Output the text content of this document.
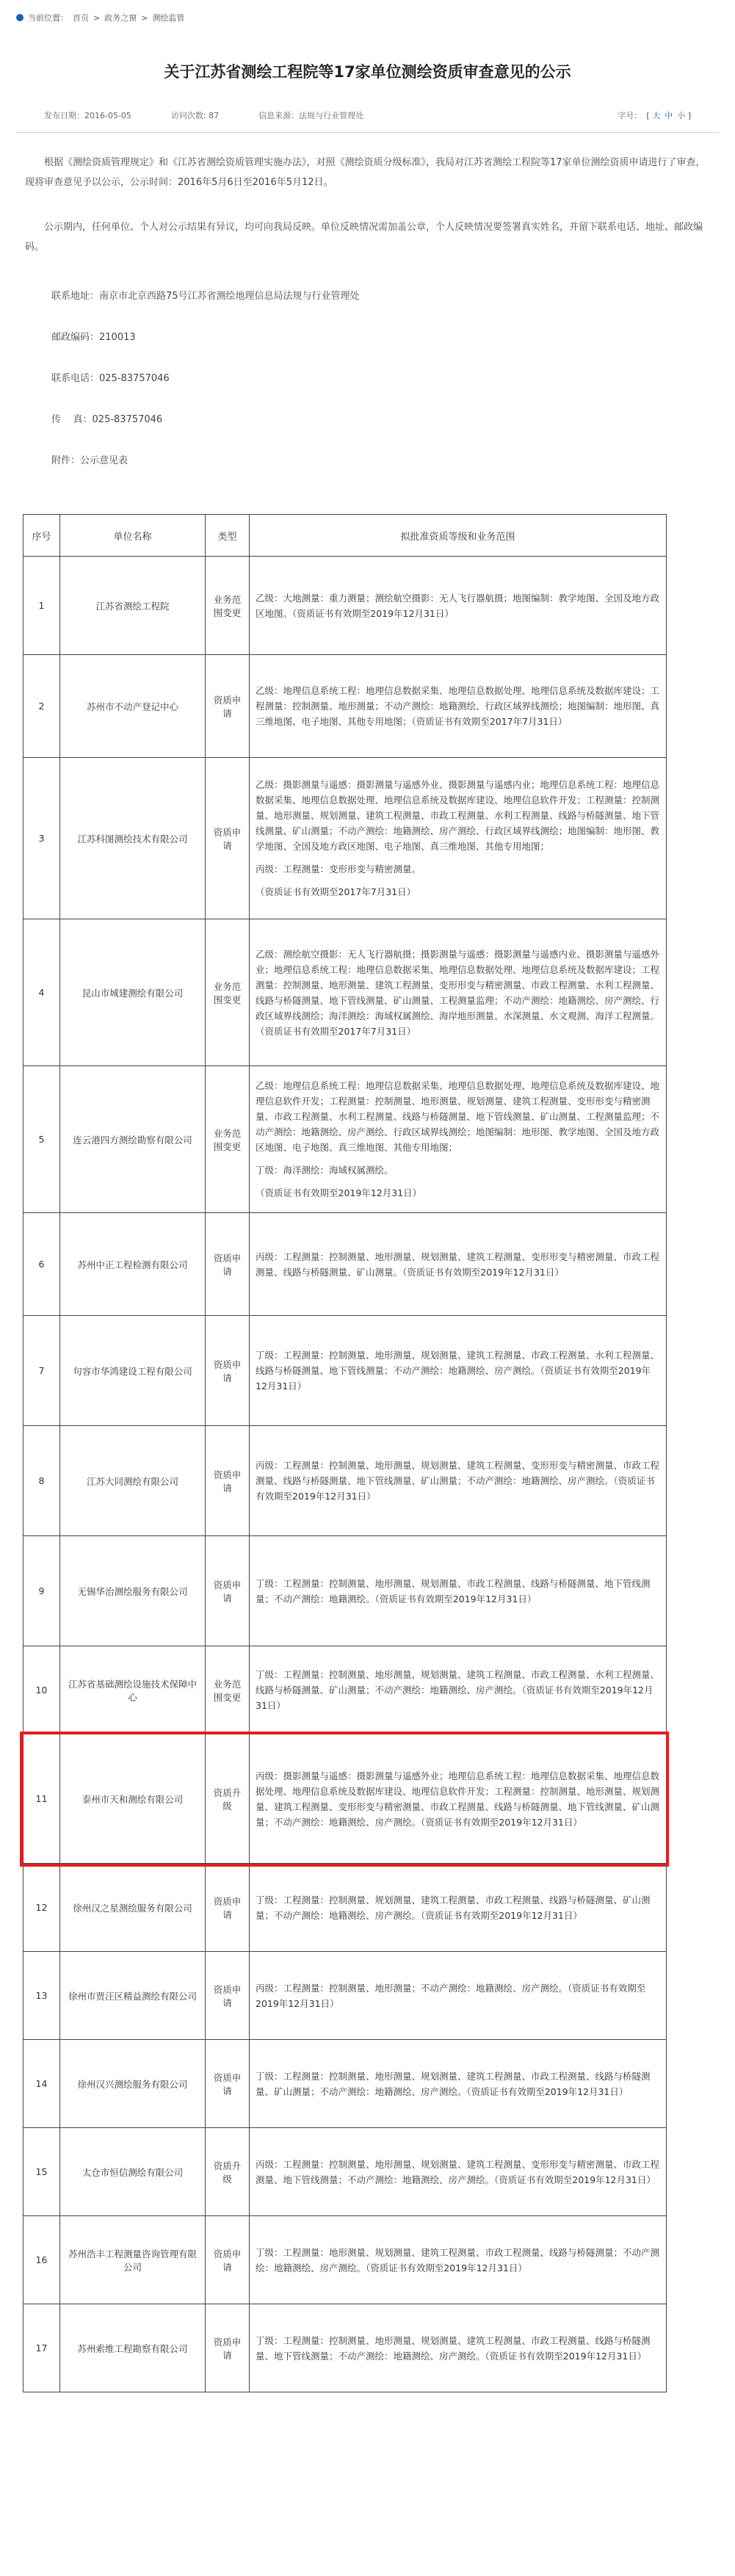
当前位置： 首页 > 政务之窗 > 测绘监管
关于江苏省测绘工程院等17家单位测绘资质审查意见的公示
发布日期：2016-05-05	访问次数: 87	信息来源：法规与行业管理处	字号： [ 大 中 小 ]
根据《测绘资质管理规定》和《江苏省测绘资质管理实施办法》，对照《测绘资质分级标准》，我局对江苏省测绘工程院等17家单位测绘资质申请进行了审查，现将审查意见予以公示，公示时间：2016年5月6日至2016年5月12日。
公示期内，任何单位、个人对公示结果有异议，均可向我局反映。单位反映情况需加盖公章，个人反映情况要签署真实姓名，并留下联系电话、地址、邮政编码。
联系地址：南京市北京西路75号江苏省测绘地理信息局法规与行业管理处
邮政编码：210013
联系电话：025-83757046
传    真：025-83757046
附件：公示意见表
序号	单位名称	类型	拟批准资质等级和业务范围
1	江苏省测绘工程院	业务范围变更	乙级：大地测量：重力测量；测绘航空摄影：无人飞行器航摄；地图编制：教学地图、全国及地方政区地图。（资质证书有效期至2019年12月31日）

2	苏州市不动产登记中心	资质申请	乙级：地理信息系统工程：地理信息数据采集、地理信息数据处理、地理信息系统及数据库建设；工程测量：控制测量、地形测量；不动产测绘：地籍测绘、行政区域界线测绘；地图编制：地形图、真三维地图、电子地图、其他专用地图；（资质证书有效期至2017年7月31日）

3	江苏科图测绘技术有限公司	资质申请	乙级：摄影测量与遥感：摄影测量与遥感外业、摄影测量与遥感内业；地理信息系统工程：地理信息数据采集、地理信息数据处理、地理信息系统及数据库建设、地理信息软件开发；工程测量：控制测量、地形测量、规划测量、建筑工程测量、市政工程测量、水利工程测量、线路与桥隧测量、地下管线测量、矿山测量；不动产测绘：地籍测绘、房产测绘、行政区域界线测绘；地图编制：地形图、教学地图、全国及地方政区地图、电子地图、真三维地图、其他专用地图；

丙级：工程测量：变形形变与精密测量。

（资质证书有效期至2017年7月31日）

4	昆山市城建测绘有限公司	业务范围变更	乙级：测绘航空摄影：无人飞行器航摄；摄影测量与遥感：摄影测量与遥感内业、摄影测量与遥感外业；地理信息系统工程：地理信息数据采集、地理信息数据处理、地理信息系统及数据库建设；工程测量：控制测量、地形测量、建筑工程测量、变形形变与精密测量、市政工程测量、水利工程测量、线路与桥隧测量、地下管线测量、矿山测量、工程测量监理；不动产测绘：地籍测绘、房产测绘、行政区域界线测绘；海洋测绘：海域权属测绘、海岸地形测量、水深测量、水文观测、海洋工程测量。（资质证书有效期至2017年7月31日）

5	连云港四方测绘勘察有限公司	业务范围变更	乙级：地理信息系统工程：地理信息数据采集、地理信息数据处理、地理信息系统及数据库建设、地理信息软件开发；工程测量：控制测量、地形测量、规划测量、建筑工程测量、变形形变与精密测量、市政工程测量、水利工程测量、线路与桥隧测量、地下管线测量、矿山测量、工程测量监理；不动产测绘：地籍测绘、房产测绘、行政区域界线测绘；地图编制：地形图、教学地图、全国及地方政区地图、电子地图、真三维地图、其他专用地图；

丁级：海洋测绘：海域权属测绘。

（资质证书有效期至2019年12月31日）

6	苏州中正工程检测有限公司	资质申请	丙级：工程测量：控制测量、地形测量、规划测量、建筑工程测量、变形形变与精密测量、市政工程测量、线路与桥隧测量、矿山测量。（资质证书有效期至2019年12月31日）

7	句容市华鸿建设工程有限公司	资质申请	丁级：工程测量：控制测量、地形测量、规划测量、建筑工程测量、市政工程测量、水利工程测量、线路与桥隧测量、地下管线测量；不动产测绘：地籍测绘、房产测绘。（资质证书有效期至2019年12月31日）

8	江苏大同测绘有限公司	资质申请	丙级：工程测量：控制测量、地形测量、规划测量、建筑工程测量、变形形变与精密测量、市政工程测量、线路与桥隧测量、地下管线测量、矿山测量；不动产测绘：地籍测绘、房产测绘。（资质证书有效期至2019年12月31日）

9	无锡华治测绘服务有限公司	资质申请	丁级：工程测量：控制测量、地形测量、规划测量、市政工程测量、线路与桥隧测量、地下管线测量；不动产测绘：地籍测绘。（资质证书有效期至2019年12月31日）

10	江苏省基础测绘设施技术保障中心	业务范围变更	丁级：工程测量：控制测量、地形测量、规划测量、建筑工程测量、市政工程测量、水利工程测量、线路与桥隧测量、矿山测量；不动产测绘：地籍测绘、房产测绘。（资质证书有效期至2019年12月31日）

11	泰州市天和测绘有限公司	资质升级	丙级：摄影测量与遥感：摄影测量与遥感外业；地理信息系统工程：地理信息数据采集、地理信息数据处理、地理信息系统及数据库建设、地理信息软件开发；工程测量：控制测量、地形测量、规划测量、建筑工程测量、变形形变与精密测量、市政工程测量、线路与桥隧测量、地下管线测量、矿山测量；不动产测绘：地籍测绘、房产测绘。（资质证书有效期至2019年12月31日）

12	徐州汉之星测绘服务有限公司	资质申请	丁级：工程测量：控制测量、规划测量、建筑工程测量、市政工程测量、线路与桥隧测量、矿山测量；不动产测绘：地籍测绘、房产测绘。（资质证书有效期至2019年12月31日）

13	徐州市贾汪区精益测绘有限公司	资质申请	丙级：工程测量：控制测量、地形测量；不动产测绘：地籍测绘、房产测绘。（资质证书有效期至2019年12月31日）

14	徐州汉兴测绘服务有限公司	资质申请	丁级：工程测量：控制测量、地形测量、规划测量、建筑工程测量、市政工程测量、线路与桥隧测量、矿山测量；不动产测绘：地籍测绘、房产测绘。（资质证书有效期至2019年12月31日）

15	太仓市恒信测绘有限公司	资质升级	丙级：工程测量：控制测量、地形测量、规划测量、建筑工程测量、变形形变与精密测量、市政工程测量、地下管线测量；不动产测绘：地籍测绘、房产测绘。（资质证书有效期至2019年12月31日）

16	苏州浩丰工程测量咨询管理有限公司	资质申请	丁级：工程测量：地形测量、规划测量、建筑工程测量、市政工程测量、线路与桥隧测量；不动产测绘：地籍测绘、房产测绘。（资质证书有效期至2019年12月31日）

17	苏州索维工程勘察有限公司	资质申请	丁级：工程测量：控制测量、地形测量、规划测量、建筑工程测量、市政工程测量、线路与桥隧测量、地下管线测量；不动产测绘：地籍测绘、房产测绘。（资质证书有效期至2019年12月31日）
